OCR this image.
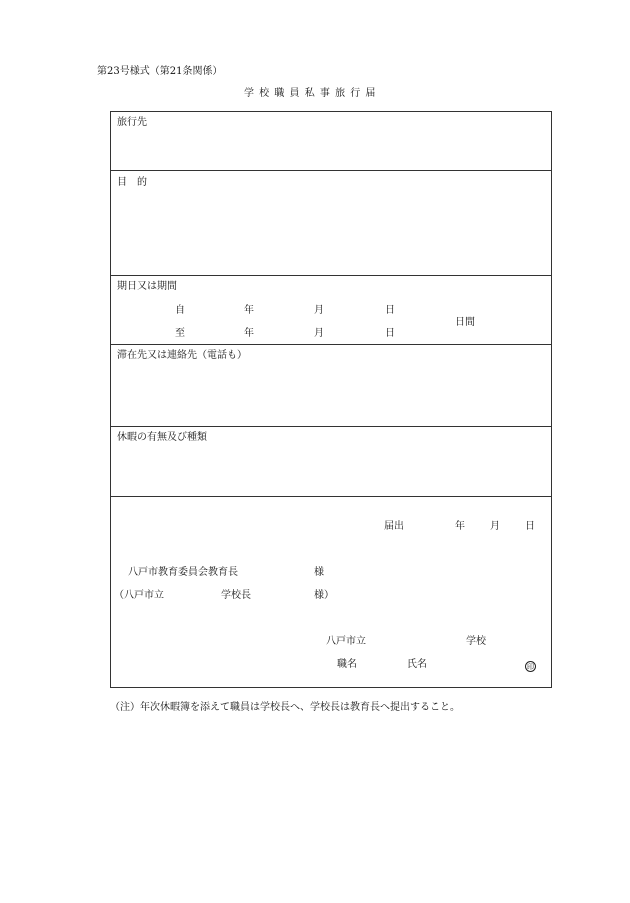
第23号様式（第21条関係）
学 校 職 員 私 事 旅 行 届
旅行先
目　的
期日又は期間
自	年	月	日
至	年	月	日
日間
滞在先又は連絡先（電話も）
休暇の有無及び種類
届出	年	月	日
八戸市教育委員会教育長	様
（八戸市立	学校長	様）
八戸市立	学校
職名	氏名	印
（注）年次休暇簿を添えて職員は学校長へ、学校長は教育長へ提出すること。
